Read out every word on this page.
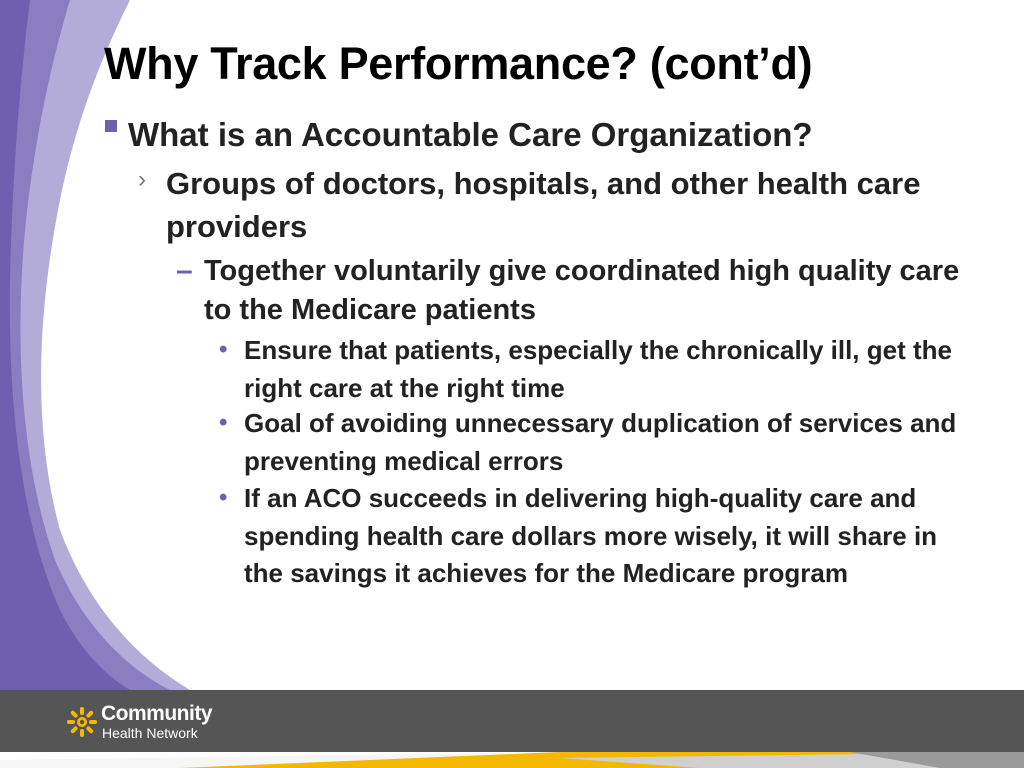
Why Track Performance? (cont’d)
What is an Accountable Care Organization?
› Groups of doctors, hospitals, and other health care providers
– Together voluntarily give coordinated high quality care to the Medicare patients
• Ensure that patients, especially the chronically ill, get the right care at the right time
• Goal of avoiding unnecessary duplication of services and preventing medical errors
• If an ACO succeeds in delivering high-quality care and spending health care dollars more wisely, it will share in the savings it achieves for the Medicare program
Community
Health Network
